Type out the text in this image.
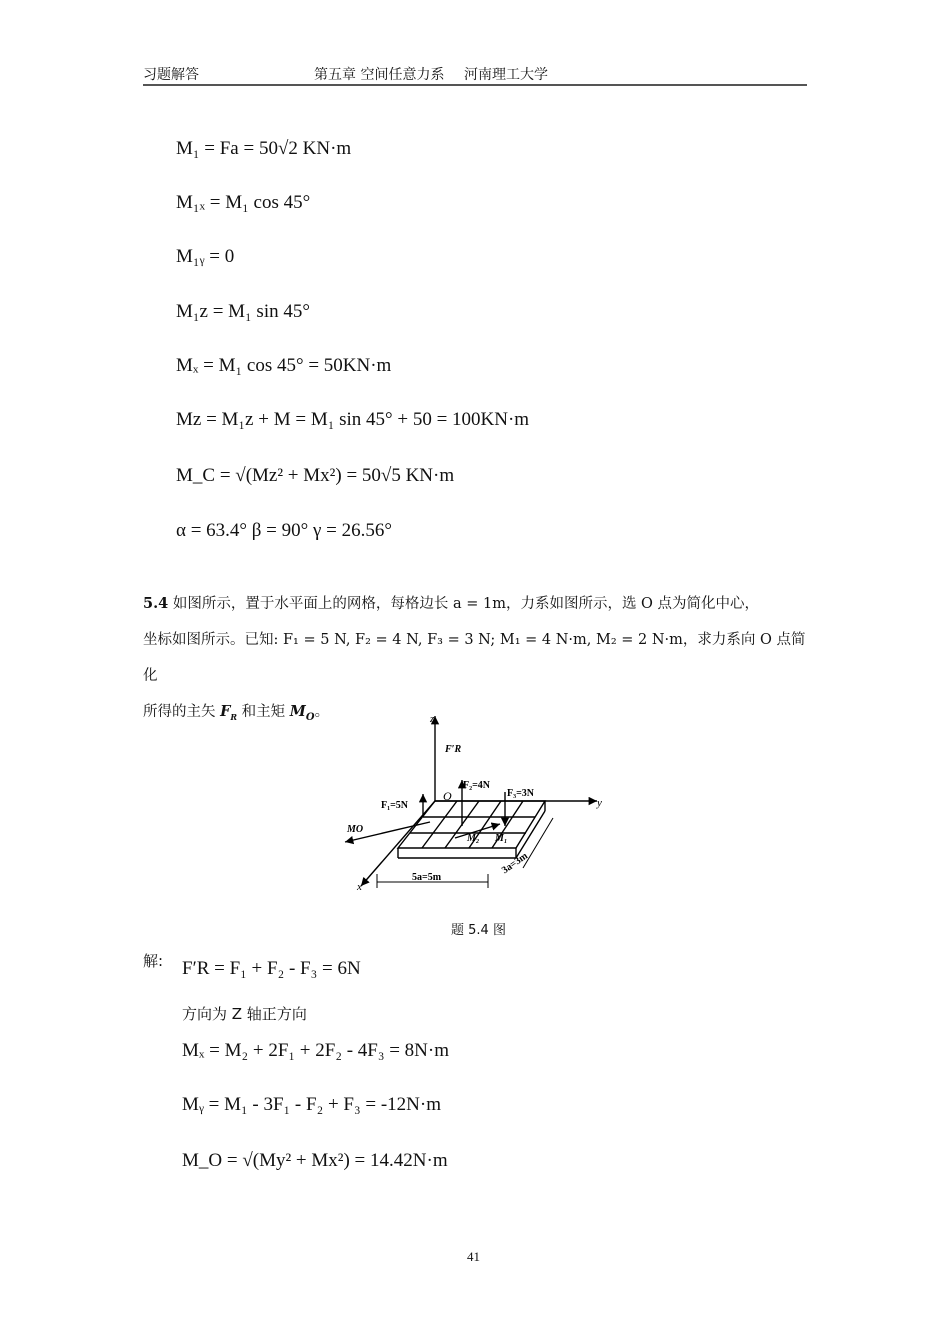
习题解答	第五章 空间任意力系 河南理工大学
M₁ = Fa = 50√2 KN·m
M₁ₓ = M₁ cos 45°
M₁ᵧ = 0
M₁z = M₁ sin 45°
Mₓ = M₁ cos 45° = 50KN·m
Mz = M₁z + M = M₁ sin 45° + 50 = 100KN·m
M_C = √(Mz² + Mx²) = 50√5 KN·m
α = 63.4° β = 90° γ = 26.56°
5.4 如图所示，置于水平面上的网格，每格边长 a = 1m，力系如图所示，选 O 点为简化中心，
坐标如图所示。已知: F₁ = 5 N, F₂ = 4 N, F₃ = 3 N; M₁ = 4 N·m, M₂ = 2 N·m，求力系向 O 点简化
所得的主矢 $F_R$ 和主矩 $M_O$。	z
y
x
O
F′R
F₁=5N
F₂=4N
F₃=3N
MO
M₂ M₁
5a=5m
3a=3m
题 5.4 图
解: F′R = F₁ + F₂ - F₃ = 6N
方向为 Z 轴正方向
Mₓ = M₂ + 2F₁ + 2F₂ - 4F₃ = 8N·m
Mᵧ = M₁ - 3F₁ - F₂ + F₃ = -12N·m
M_O = √(My² + Mx²) = 14.42N·m
41
